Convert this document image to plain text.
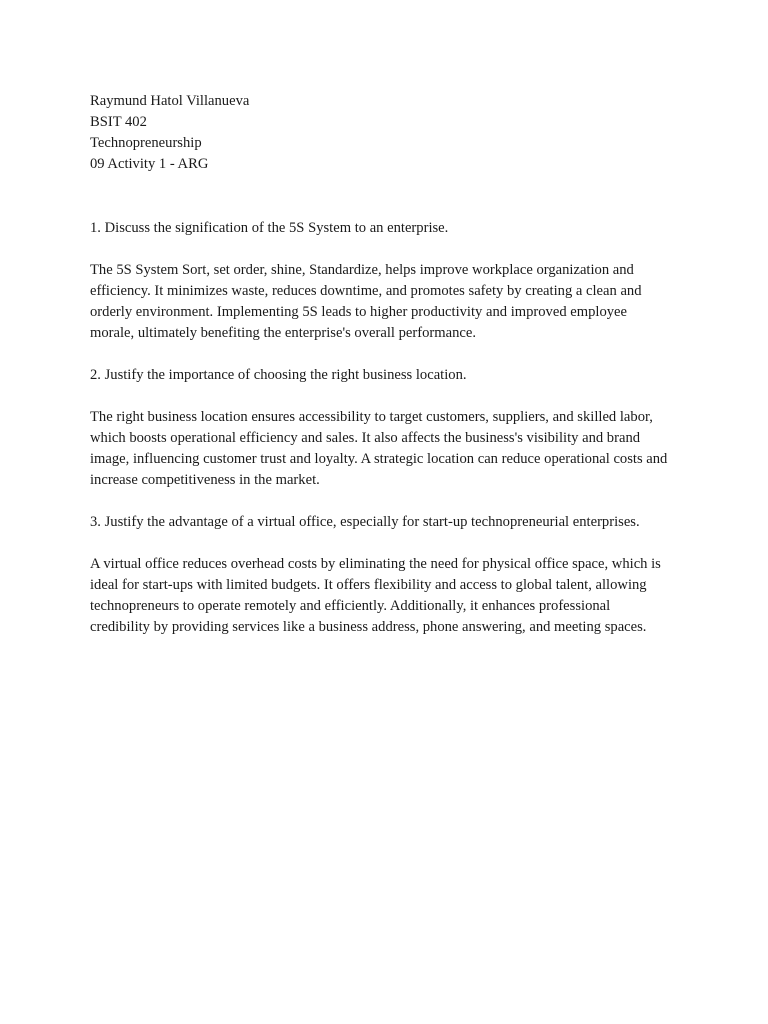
Raymund Hatol Villanueva
BSIT 402
Technopreneurship
09 Activity 1 - ARG

1. Discuss the signification of the 5S System to an enterprise.

The 5S System Sort, set order, shine, Standardize, helps improve workplace organization and efficiency. It minimizes waste, reduces downtime, and promotes safety by creating a clean and orderly environment. Implementing 5S leads to higher productivity and improved employee morale, ultimately benefiting the enterprise's overall performance.

2. Justify the importance of choosing the right business location.

The right business location ensures accessibility to target customers, suppliers, and skilled labor, which boosts operational efficiency and sales. It also affects the business's visibility and brand image, influencing customer trust and loyalty. A strategic location can reduce operational costs and increase competitiveness in the market.

3. Justify the advantage of a virtual office, especially for start-up technopreneurial enterprises.

A virtual office reduces overhead costs by eliminating the need for physical office space, which is ideal for start-ups with limited budgets. It offers flexibility and access to global talent, allowing technopreneurs to operate remotely and efficiently. Additionally, it enhances professional credibility by providing services like a business address, phone answering, and meeting spaces.
